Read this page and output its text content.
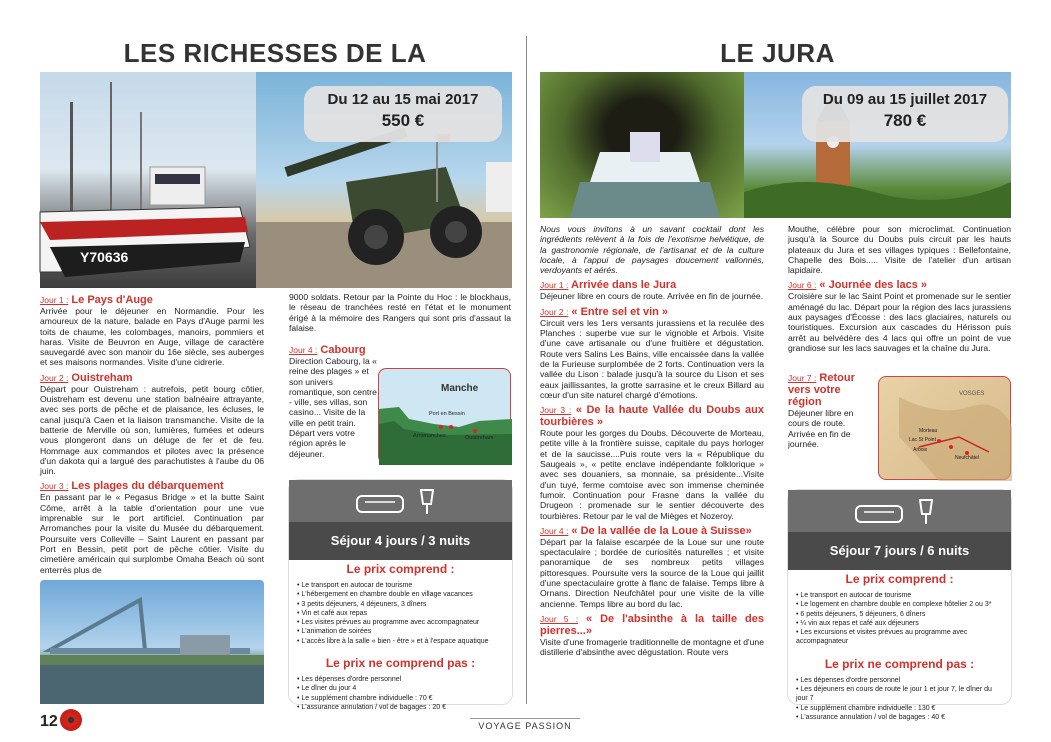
LES RICHESSES DE LA	LE JURA
Y70636
Du 12 au 15 mai 2017
550 €
Jour 1 : Le Pays d'Auge

Arrivée pour le déjeuner en Normandie. Pour les amoureux de la nature, balade en Pays d'Auge parmi les toits de chaume, les colombages, manoirs, pommiers et haras. Visite de Beuvron en Auge, village de caractère sauvegardé avec son manoir du 16e siècle, ses auberges et ses maisons normandes. Visite d'une cidrerie.

Jour 2 : Ouistreham

Départ pour Ouistreham : autrefois, petit bourg côtier, Ouistreham est devenu une station balnéaire attrayante, avec ses ports de pêche et de plaisance, les écluses, le canal jusqu'à Caen et la liaison transmanche. Visite de la batterie de Merville où son, lumières, fumées et odeurs vous plongeront dans un déluge de fer et de feu. Hommage aux commandos et pilotes avec la présence d'un dakota qui a largué des parachutistes à l'aube du 06 juin.

Jour 3 : Les plages du débarquement

En passant par le « Pegasus Bridge » et la butte Saint Côme, arrêt à la table d'orientation pour une vue imprenable sur le port artificiel. Continuation par Arromanches pour la visite du Musée du débarquement. Poursuite vers Colleville – Saint Laurent en passant par Port en Bessin, petit port de pêche côtier. Visite du cimetière américain qui surplombe Omaha Beach où sont enterrés plus de

12

9000 soldats. Retour par la Pointe du Hoc : le blockhaus, le réseau de tranchées resté en l'état et le monument érigé à la mémoire des Rangers qui sont pris d'assaut la falaise.

Jour 4 : Cabourg

Direction Cabourg, la « reine des plages » et son univers romantique, son centre - ville, ses villas, son casino... Visite de la ville en petit train. Départ vers votre région après le déjeuner.

Manche
Port en Bessin
Arromanches	Ouistreham
Séjour 4 jours / 3 nuits
Le prix comprend :
• Le transport en autocar de tourisme
• L'hébergement en chambre double en village vacances
• 3 petits déjeuners, 4 déjeuners, 3 dîners
• Vin et café aux repas
• Les visites prévues au programme avec accompagnateur
• L'animation de soirées
• L'accès libre à la salle « bien - être » et à l'espace aquatique
Le prix ne comprend pas :
• Les dépenses d'ordre personnel
• Le dîner du jour 4
• Le supplément chambre individuelle : 70 €
• L'assurance annulation / vol de bagages : 20 €
Du 09 au 15 juillet 2017
780 €

Nous vous invitons à un savant cocktail dont les ingrédients relèvent à la fois de l'exotisme helvétique, de la gastronomie régionale, de l'artisanat et de la culture locale, à l'appui de paysages doucement vallonnés, verdoyants et aérés.

Jour 1 : Arrivée dans le Jura

Déjeuner libre en cours de route. Arrivée en fin de journée.

Jour 2 : « Entre sel et vin »

Circuit vers les 1ers versants jurassiens et la reculée des Planches : superbe vue sur le vignoble et Arbois. Visite d'une cave artisanale ou d'une fruitière et dégustation. Route vers Salins Les Bains, ville encaissée dans la vallée de la Furieuse surplombée de 2 forts. Continuation vers la vallée du Lison : balade jusqu'à la source du Lison et ses eaux jaillissantes, la grotte sarrasine et le creux Billard au cœur d'un site naturel chargé d'émotions.

Jour 3 : « De la haute Vallée du Doubs aux tourbières »

Route pour les gorges du Doubs. Découverte de Morteau, petite ville à la frontière suisse, capitale du pays horloger et de la saucisse....Puis route vers la « République du Saugeais », « petite enclave indépendante folklorique » avec ses douaniers, sa monnaie, sa présidente...Visite d'un tuyé, ferme comtoise avec son immense cheminée fumoir. Continuation pour Frasne dans la vallée du Drugeon : promenade sur le sentier découverte des tourbières. Retour par le val de Mièges et Nozeroy.

Jour 4 : « De la vallée de la Loue à Suisse»

Départ par la falaise escarpée de la Loue sur une route spectaculaire ; bordée de curiosités naturelles ; et visite panoramique de ses nombreux petits villages pittoresques. Poursuite vers la source de la Loue qui jaillit d'une spectaculaire grotte à flanc de falaise. Temps libre à Ornans. Direction Neufchâtel pour une visite de la ville ancienne. Temps libre au bord du lac.

Jour 5 : « De l'absinthe à la taille des pierres...»

Visite d'une fromagerie traditionnelle de montagne et d'une distillerie d'absinthe avec dégustation. Route vers

Mouthe, célèbre pour son microclimat. Continuation jusqu'à la Source du Doubs puis circuit par les hauts plateaux du Jura et ses villages typiques : Bellefontaine, Chapelle des Bois..... Visite de l'atelier d'un artisan lapidaire.

Jour 6 : « Journée des lacs »

Croisière sur le lac Saint Point et promenade sur le sentier aménagé du lac. Départ pour la région des lacs jurassiens aux paysages d'Écosse : des lacs glaciaires, naturels ou touristiques. Excursion aux cascades du Hérisson puis arrêt au belvédère des 4 lacs qui offre un point de vue grandiose sur les lacs sauvages et la chaîne du Jura.

Jour 7 : Retour vers votre région

Déjeuner libre en cours de route. Arrivée en fin de journée.

VOSGES
Morteau
Lac St Point
Arbois
Neufchâtel
Séjour 7 jours / 6 nuits
Le prix comprend :
• Le transport en autocar de tourisme
• Le logement en chambre double en complexe hôtelier 2 ou 3*
• 6 petits déjeuners, 5 déjeuners, 6 dîners
• ¼ vin aux repas et café aux déjeuners
• Les excursions et visites prévues au programme avec accompagnateur
Le prix ne comprend pas :
• Les dépenses d'ordre personnel
• Les déjeuners en cours de route le jour 1 et jour 7, le dîner du jour 7
• Le supplément chambre individuelle : 130 €
• L'assurance annulation / vol de bagages : 40 €
VOYAGE PASSION
